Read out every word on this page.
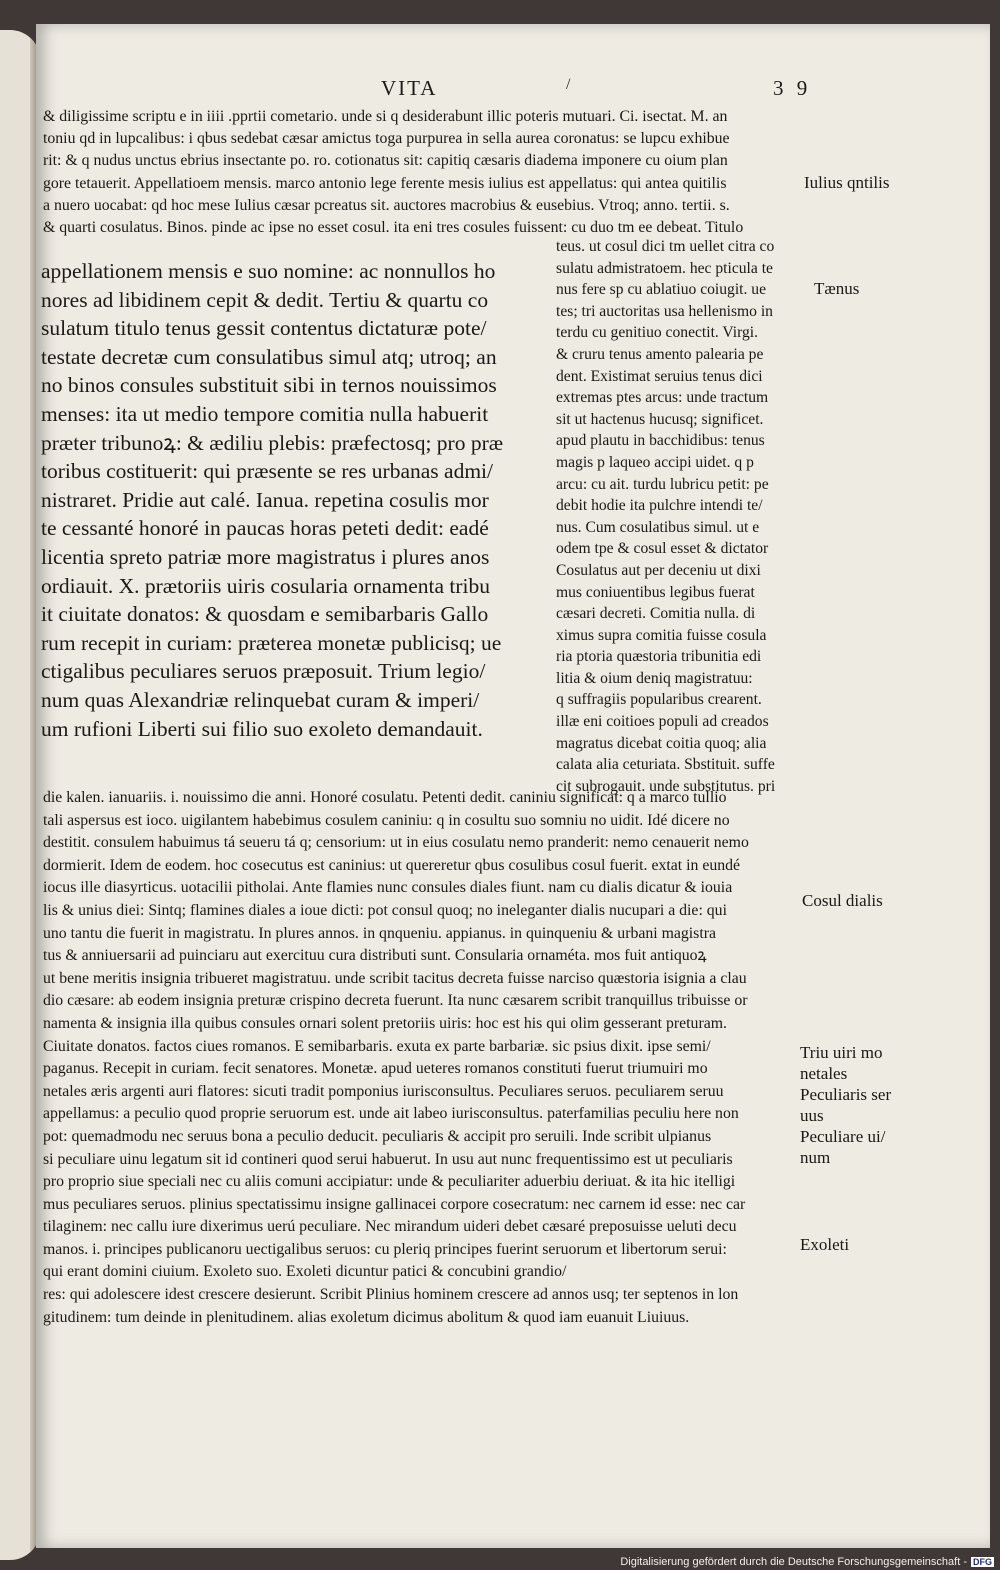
VITA	/	3 9

& diligissime scriptu e in iiii .pprtii cometario. unde si q desiderabunt illic poteris mutuari. Ci. isectat. M. an

toniu qd in lupcalibus: i qbus sedebat cæsar amictus toga purpurea in sella aurea coronatus: se lupcu exhibue

rit: & q nudus unctus ebrius insectante po. ro. cotionatus sit: capitiq cæsaris diadema imponere cu oium plan

gore tetauerit. Appellatioem mensis. marco antonio lege ferente mesis iulius est appellatus: qui antea quitilis

a nuero uocabat: qd hoc mese Iulius cæsar pcreatus sit. auctores macrobius & eusebius. Vtroq; anno. tertii. s.

& quarti cosulatus. Binos. pinde ac ipse no esset cosul. ita eni tres cosules fuissent: cu duo tm ee debeat. Titulo

appellationem mensis e suo nomine: ac nonnullos ho

nores ad libidinem cepit & dedit. Tertiu & quartu co

sulatum titulo tenus gessit contentus dictaturæ pote/

testate decretæ cum consulatibus simul atq; utroq; an

no binos consules substituit sibi in ternos nouissimos

menses: ita ut medio tempore comitia nulla habuerit

præter tribunoꝝ: & ædiliu plebis: præfectosq; pro præ

toribus costituerit: qui præsente se res urbanas admi/

nistraret. Pridie aut calé. Ianua. repetina cosulis mor

te cessanté honoré in paucas horas peteti dedit: eadé

licentia spreto patriæ more magistratus i plures anos

ordiauit. X. prætoriis uiris cosularia ornamenta tribu

it ciuitate donatos: & quosdam e semibarbaris Gallo

rum recepit in curiam: præterea monetæ publicisq; ue

ctigalibus peculiares seruos præposuit. Trium legio/

num quas Alexandriæ relinquebat curam & imperi/

um rufioni Liberti sui filio suo exoleto demandauit.

teus. ut cosul dici tm uellet citra co

sulatu admistratoem. hec pticula te

nus fere sp cu ablatiuo coiugit. ue

tes; tri auctoritas usa hellenismo in

terdu cu genitiuo conectit. Virgi.

& cruru tenus amento palearia pe

dent. Existimat seruius tenus dici

extremas ptes arcus: unde tractum

sit ut hactenus hucusq; significet.

apud plautu in bacchidibus: tenus

magis p laqueo accipi uidet. q p

arcu: cu ait. turdu lubricu petit: pe

debit hodie ita pulchre intendi te/

nus. Cum cosulatibus simul. ut e

odem tpe & cosul esset & dictator

Cosulatus aut per deceniu ut dixi

mus coniuentibus legibus fuerat

cæsari decreti. Comitia nulla. di

ximus supra comitia fuisse cosula

ria ptoria quæstoria tribunitia edi

litia & oium deniq magistratuu:

q suffragiis popularibus crearent.

illæ eni coitioes populi ad creados

magratus dicebat coitia quoq; alia

calata alia ceturiata. Sbstituit. suffe

cit subrogauit. unde substitutus. pri

die kalen. ianuariis. i. nouissimo die anni. Honoré cosulatu. Petenti dedit. caniniu significat: q a marco tullio

tali aspersus est ioco. uigilantem habebimus cosulem caniniu: q in cosultu suo somniu no uidit. Idé dicere no

destitit. consulem habuimus tá seueru tá q; censorium: ut in eius cosulatu nemo pranderit: nemo cenauerit nemo

dormierit. Idem de eodem. hoc cosecutus est caninius: ut quereretur qbus cosulibus cosul fuerit. extat in eundé

iocus ille diasyrticus. uotacilii pitholai. Ante flamies nunc consules diales fiunt. nam cu dialis dicatur & iouia

lis & unius diei: Sintq; flamines diales a ioue dicti: pot consul quoq; no ineleganter dialis nucupari a die: qui

uno tantu die fuerit in magistratu. In plures annos. in qnqueniu. appianus. in quinqueniu & urbani magistra

tus & anniuersarii ad puinciaru aut exercituu cura distributi sunt. Consularia ornaméta. mos fuit antiquoꝝ

ut bene meritis insignia tribueret magistratuu. unde scribit tacitus decreta fuisse narciso quæstoria isignia a clau

dio cæsare: ab eodem insignia preturæ crispino decreta fuerunt. Ita nunc cæsarem scribit tranquillus tribuisse or

namenta & insignia illa quibus consules ornari solent pretoriis uiris: hoc est his qui olim gesserant preturam.

Ciuitate donatos. factos ciues romanos. E semibarbaris. exuta ex parte barbariæ. sic psius dixit. ipse semi/

paganus. Recepit in curiam. fecit senatores. Monetæ. apud ueteres romanos constituti fuerut triumuiri mo

netales æris argenti auri flatores: sicuti tradit pomponius iurisconsultus. Peculiares seruos. peculiarem seruu

appellamus: a peculio quod proprie seruorum est. unde ait labeo iurisconsultus. paterfamilias peculiu here non

pot: quemadmodu nec seruus bona a peculio deducit. peculiaris & accipit pro seruili. Inde scribit ulpianus

si peculiare uinu legatum sit id contineri quod serui habuerut. In usu aut nunc frequentissimo est ut peculiaris

pro proprio siue speciali nec cu aliis comuni accipiatur: unde & peculiariter aduerbiu deriuat. & ita hic itelligi

mus peculiares seruos. plinius spectatissimu insigne gallinacei corpore cosecratum: nec carnem id esse: nec car

tilaginem: nec callu iure dixerimus uerú peculiare. Nec mirandum uideri debet cæsaré preposuisse ueluti decu

manos. i. principes publicanoru uectigalibus seruos: cu pleriq principes fuerint seruorum et libertorum serui:

qui erant domini ciuium. Exoleto suo. Exoleti dicuntur patici & concubini grandio/

res: qui adolescere idest crescere desierunt. Scribit Plinius hominem crescere ad annos usq; ter septenos in lon

gitudinem: tum deinde in plenitudinem. alias exoletum dicimus abolitum & quod iam euanuit Liuiuus.

Iulius qntilis
Tænus
Cosul dialis
Triu uiri mo
netales
Peculiaris ser
uus
Peculiare ui/
num
Exoleti
Digitalisierung gefördert durch die Deutsche Forschungsgemeinschaft - DFG
